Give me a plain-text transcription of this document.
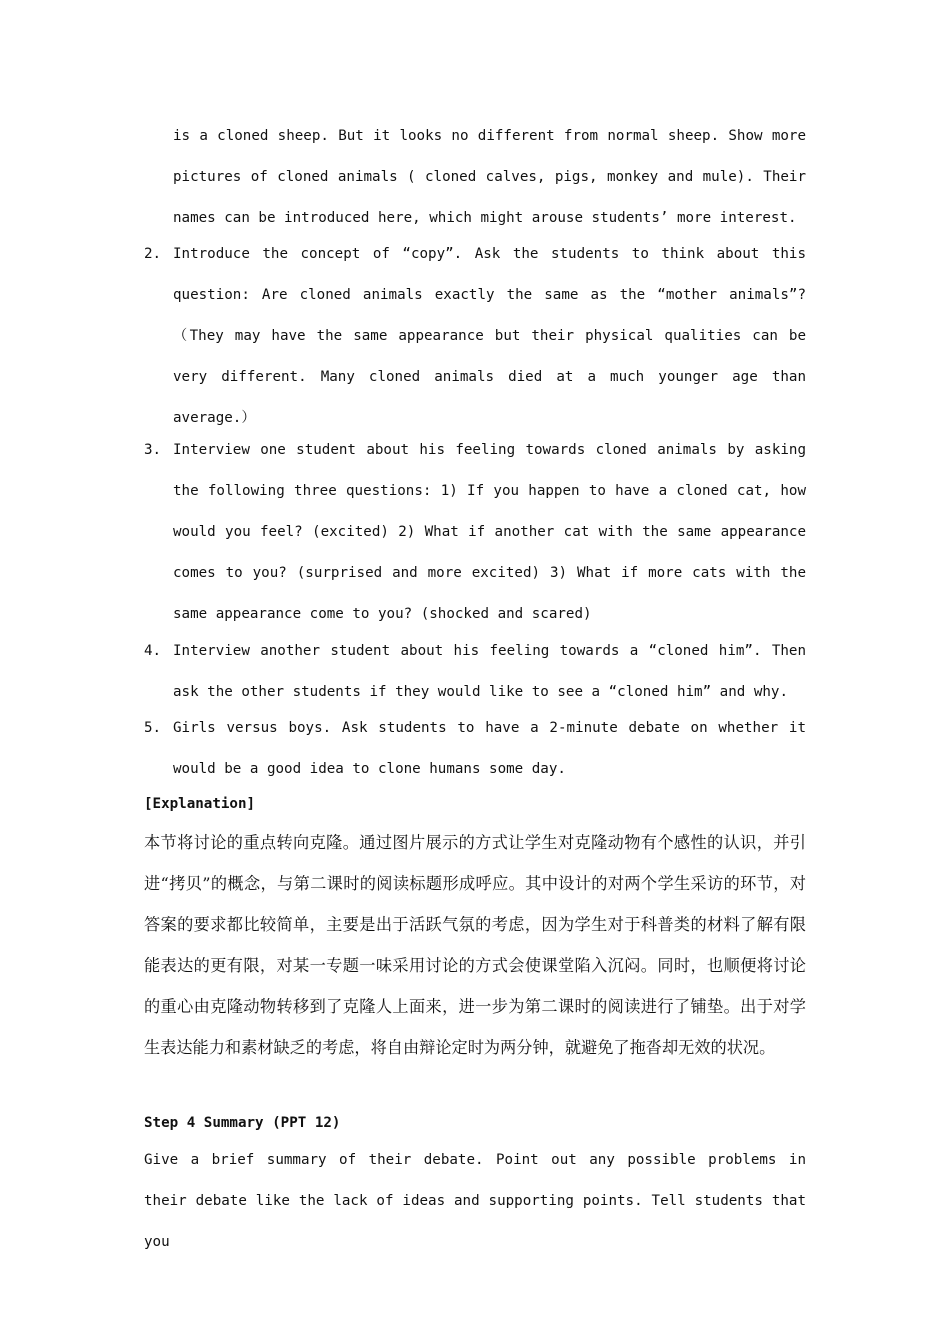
is a cloned sheep. But it looks no different from normal sheep. Show more pictures of cloned animals ( cloned calves, pigs, monkey and mule). Their names can be introduced here, which might arouse students’ more interest.
2. Introduce the concept of “copy”. Ask the students to think about this question: Are cloned animals exactly the same as the “mother animals”? （They may have the same appearance but their physical qualities can be very different. Many cloned animals died at a much younger age than average.）
3. Interview one student about his feeling towards cloned animals by asking the following three questions: 1) If you happen to have a cloned cat, how would you feel? (excited) 2) What if another cat with the same appearance comes to you? (surprised and more excited) 3) What if more cats with the same appearance come to you? (shocked and scared)
4. Interview another student about his feeling towards a “cloned him”. Then ask the other students if they would like to see a “cloned him” and why.
5. Girls versus boys. Ask students to have a 2-minute debate on whether it would be a good idea to clone humans some day.
[Explanation]
本节将讨论的重点转向克隆。通过图片展示的方式让学生对克隆动物有个感性的认识，并引进“拷贝”的概念，与第二课时的阅读标题形成呼应。其中设计的对两个学生采访的环节，对答案的要求都比较简单，主要是出于活跃气氛的考虑，因为学生对于科普类的材料了解有限能表达的更有限，对某一专题一味采用讨论的方式会使课堂陷入沉闷。同时，也顺便将讨论的重心由克隆动物转移到了克隆人上面来，进一步为第二课时的阅读进行了铺垫。出于对学生表达能力和素材缺乏的考虑，将自由辩论定时为两分钟，就避免了拖沓却无效的状况。
Step 4 Summary (PPT 12)
Give a brief summary of their debate. Point out any possible problems in their debate like the lack of ideas and supporting points. Tell students that you
